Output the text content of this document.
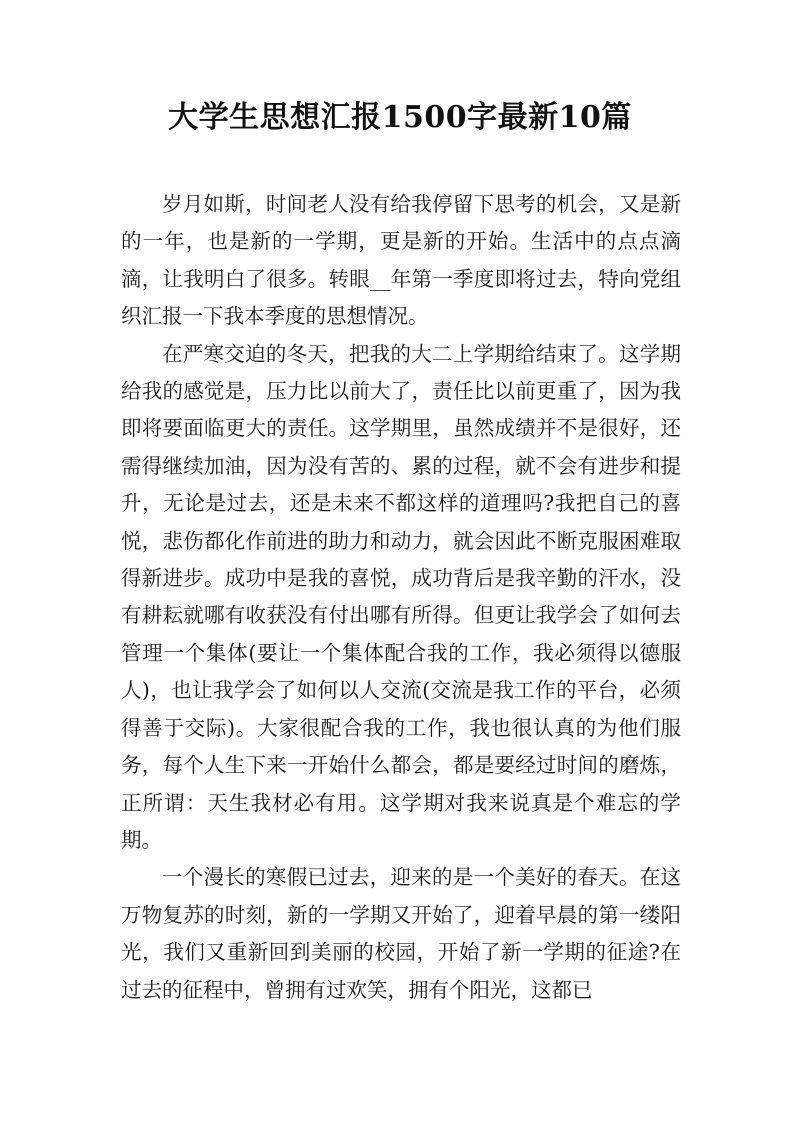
大学生思想汇报1500字最新10篇

岁月如斯，时间老人没有给我停留下思考的机会，又是新的一年，也是新的一学期，更是新的开始。生活中的点点滴滴，让我明白了很多。转眼__年第一季度即将过去，特向党组织汇报一下我本季度的思想情况。

在严寒交迫的冬天，把我的大二上学期给结束了。这学期给我的感觉是，压力比以前大了，责任比以前更重了，因为我即将要面临更大的责任。这学期里，虽然成绩并不是很好，还需得继续加油，因为没有苦的、累的过程，就不会有进步和提升，无论是过去，还是未来不都这样的道理吗?我把自己的喜悦，悲伤都化作前进的助力和动力，就会因此不断克服困难取得新进步。成功中是我的喜悦，成功背后是我辛勤的汗水，没有耕耘就哪有收获没有付出哪有所得。但更让我学会了如何去管理一个集体(要让一个集体配合我的工作，我必须得以德服人)，也让我学会了如何以人交流(交流是我工作的平台，必须得善于交际)。大家很配合我的工作，我也很认真的为他们服务，每个人生下来一开始什么都会，都是要经过时间的磨炼，正所谓：天生我材必有用。这学期对我来说真是个难忘的学期。

一个漫长的寒假已过去，迎来的是一个美好的春天。在这万物复苏的时刻，新的一学期又开始了，迎着早晨的第一缕阳光，我们又重新回到美丽的校园，开始了新一学期的征途?在过去的征程中，曾拥有过欢笑，拥有个阳光，这都已
